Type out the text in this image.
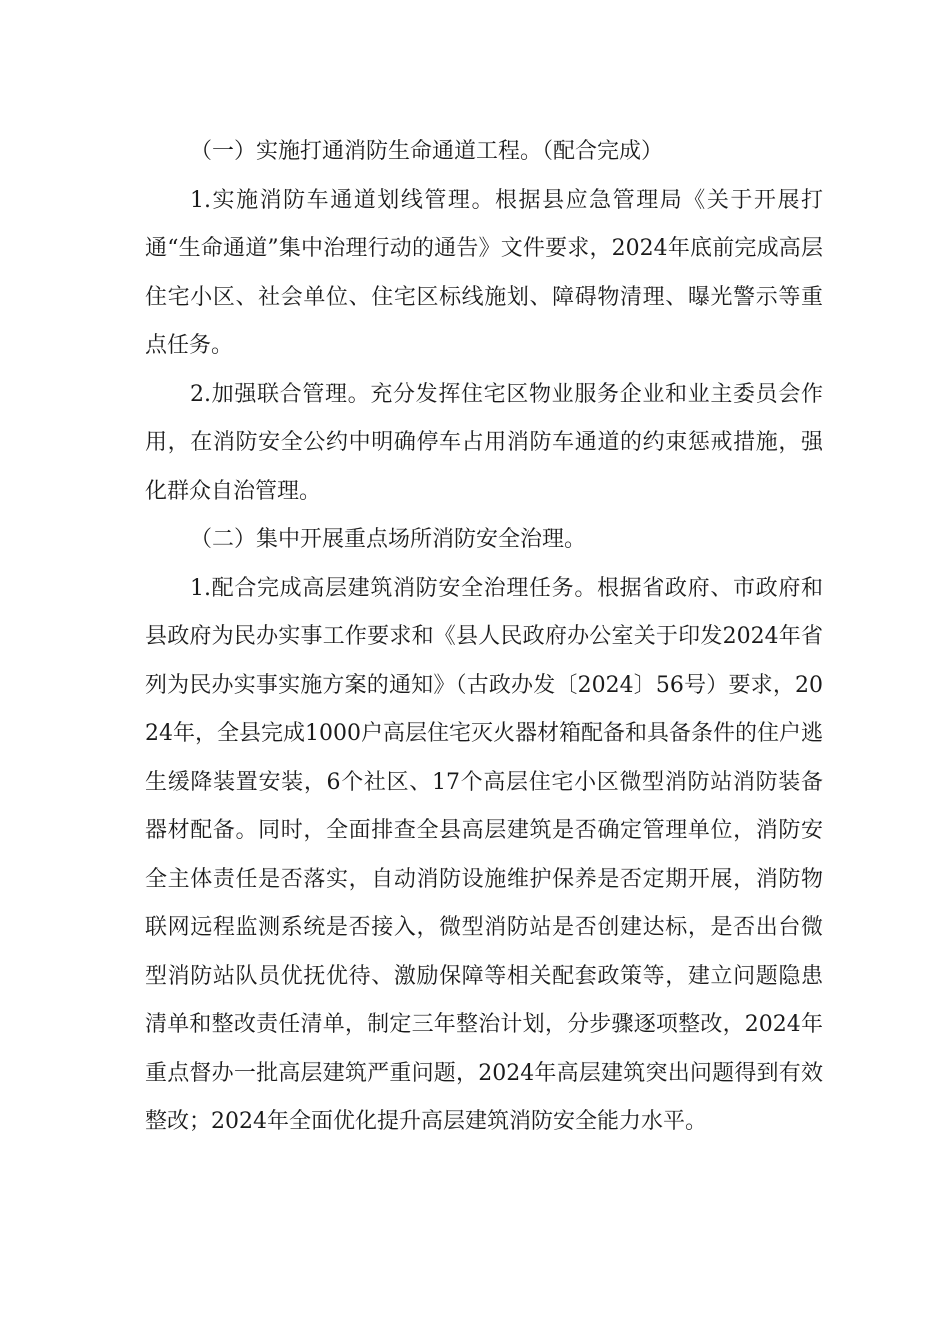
（一）实施打通消防生命通道工程。（配合完成）

1.实施消防车通道划线管理。根据县应急管理局《关于开展打通“生命通道”集中治理行动的通告》文件要求，2024年底前完成高层住宅小区、社会单位、住宅区标线施划、障碍物清理、曝光警示等重点任务。

2.加强联合管理。充分发挥住宅区物业服务企业和业主委员会作用，在消防安全公约中明确停车占用消防车通道的约束惩戒措施，强化群众自治管理。

（二）集中开展重点场所消防安全治理。

1.配合完成高层建筑消防安全治理任务。根据省政府、市政府和县政府为民办实事工作要求和《县人民政府办公室关于印发2024年省列为民办实事实施方案的通知》（古政办发〔2024〕56号）要求，2024年，全县完成1000户高层住宅灭火器材箱配备和具备条件的住户逃生缓降装置安装，6个社区、17个高层住宅小区微型消防站消防装备器材配备。同时，全面排查全县高层建筑是否确定管理单位，消防安全主体责任是否落实，自动消防设施维护保养是否定期开展，消防物联网远程监测系统是否接入，微型消防站是否创建达标，是否出台微型消防站队员优抚优待、激励保障等相关配套政策等，建立问题隐患清单和整改责任清单，制定三年整治计划，分步骤逐项整改，2024年重点督办一批高层建筑严重问题，2024年高层建筑突出问题得到有效整改；2024年全面优化提升高层建筑消防安全能力水平。
